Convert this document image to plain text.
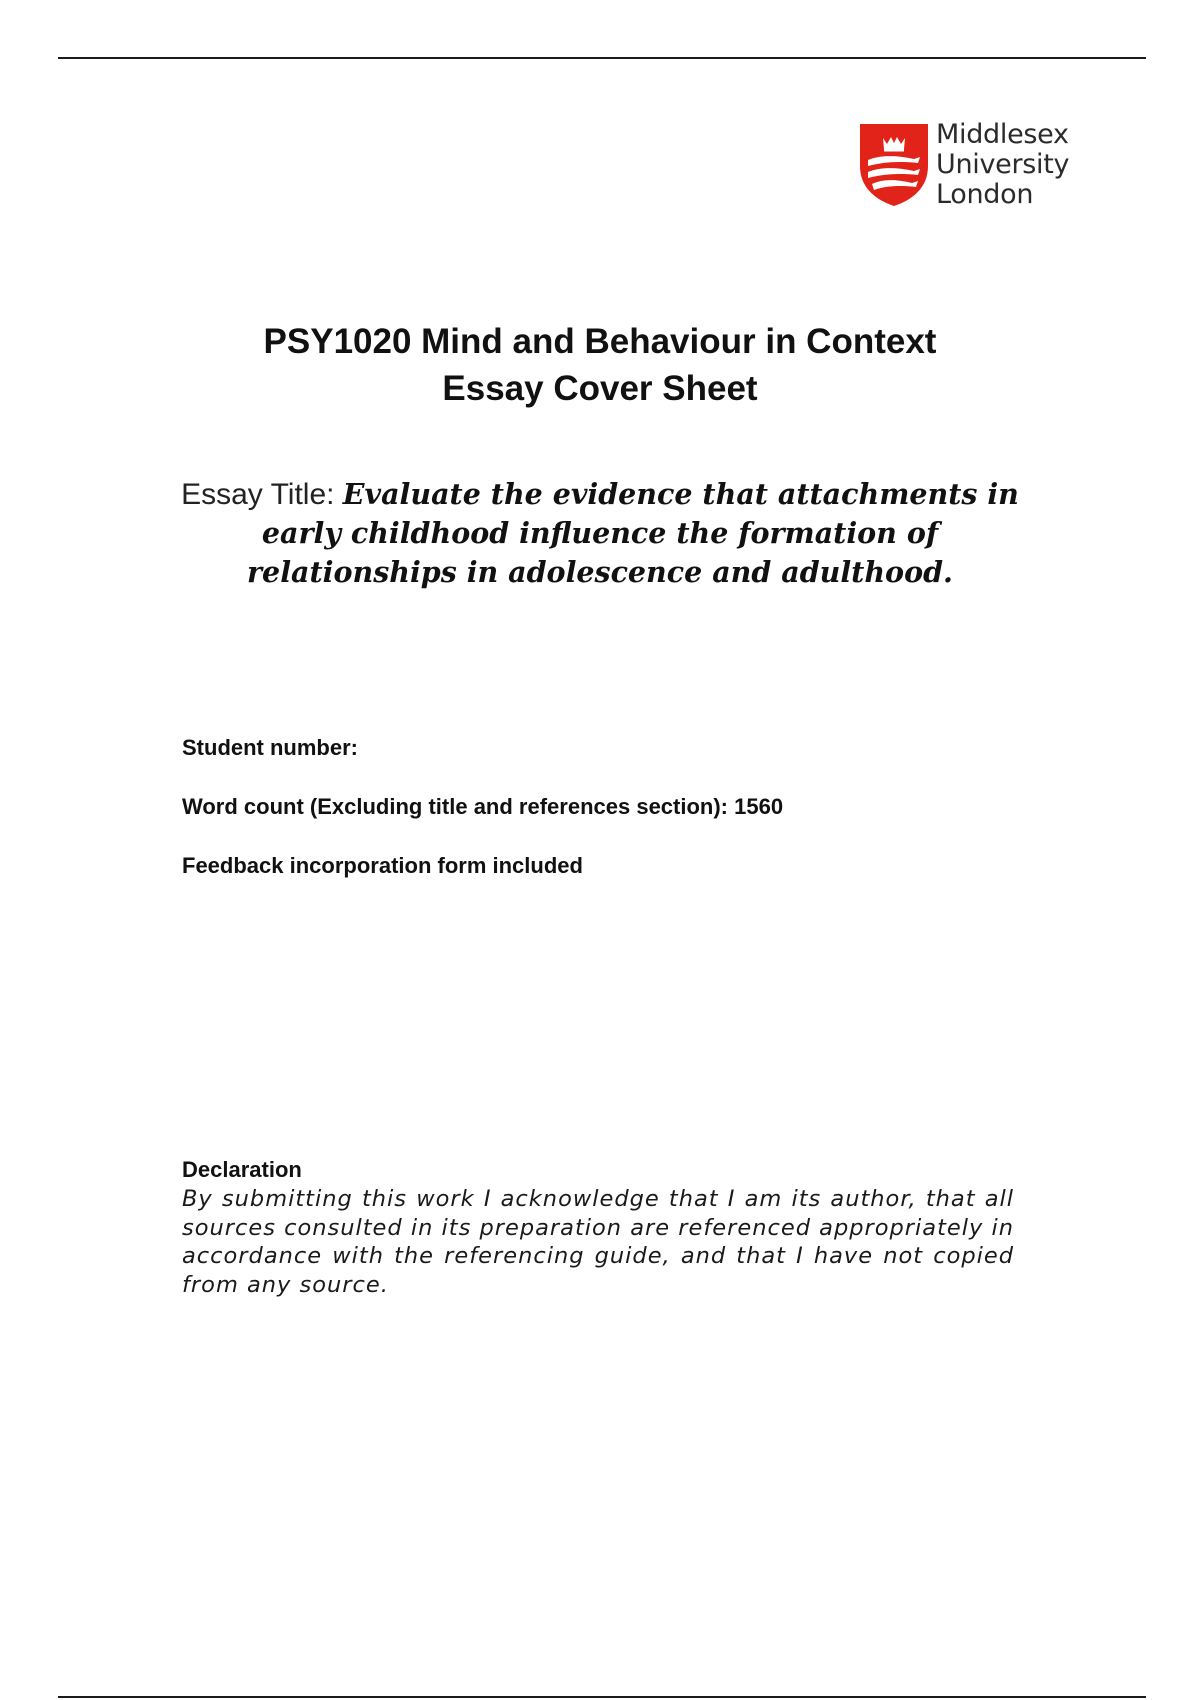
Middlesex
University
London
PSY1020 Mind and Behaviour in Context
Essay Cover Sheet
Essay Title: Evaluate the evidence that attachments in early childhood influence the formation of relationships in adolescence and adulthood.
Student number:
Word count (Excluding title and references section): 1560
Feedback incorporation form included
Declaration
By submitting this work I acknowledge that I am its author, that all sources consulted in its preparation are referenced appropriately in accordance with the referencing guide, and that I have not copied from any source.
